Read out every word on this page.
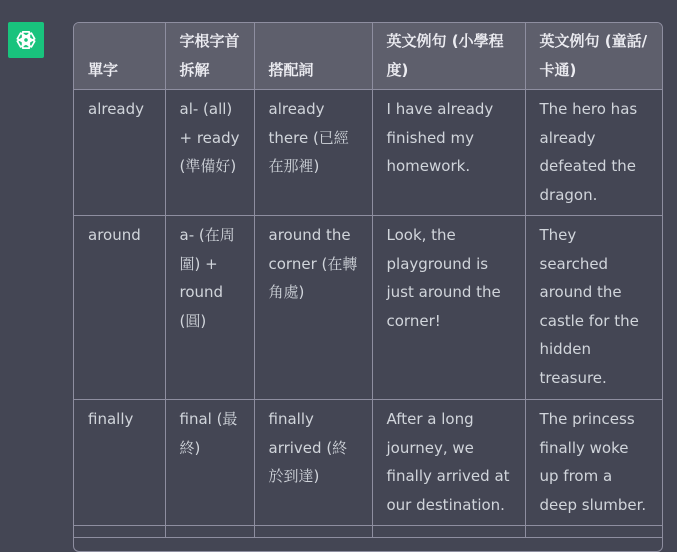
單字	字根字首拆解	搭配詞	英文例句 (小學程度)	英文例句 (童話/卡通)
already	al- (all) + ready (準備好)	already there (已經在那裡)	I have already finished my homework.	The hero has already defeated the dragon.
around	a- (在周圍) + round (圓)	around the corner (在轉角處)	Look, the playground is just around the corner!	They searched around the castle for the hidden treasure.
finally	final (最終)	finally arrived (終於到達)	After a long journey, we finally arrived at our destination.	The princess finally woke up from a deep slumber.
